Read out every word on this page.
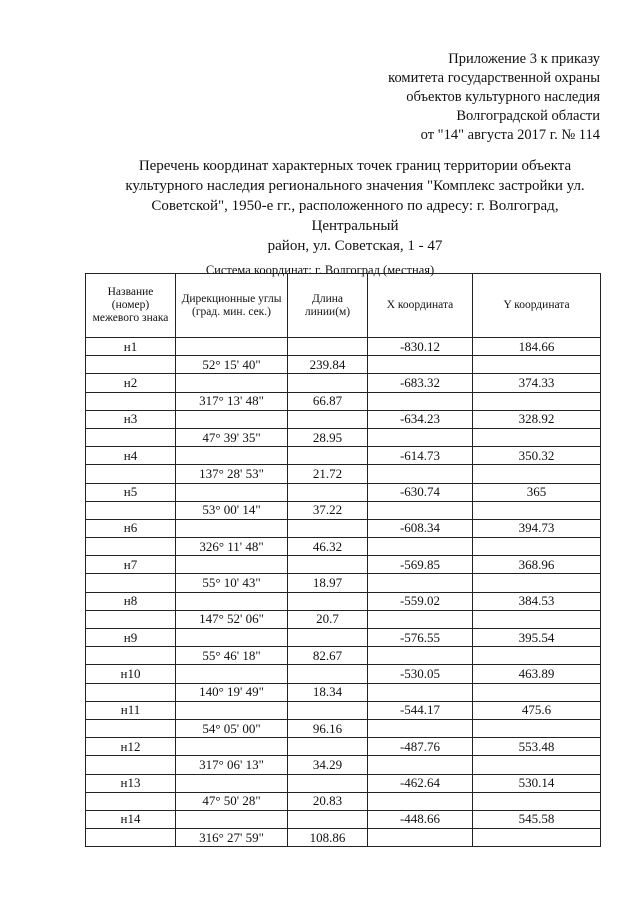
Приложение 3 к приказу
комитета государственной охраны
объектов культурного наследия
Волгоградской области
от "14" августа 2017 г. № 114
Перечень координат характерных точек границ территории объекта
культурного наследия регионального значения "Комплекс застройки ул.
Советской", 1950-е гг., расположенного по адресу: г. Волгоград, Центральный
район, ул. Советская, 1 - 47
Система координат: г. Волгоград (местная)
Название (номер) межевого знака	Дирекционные углы (град. мин. сек.)	Длина линии(м)	X координата	Y координата
н1			-830.12	184.66
	52° 15' 40"	239.84		
н2			-683.32	374.33
	317° 13' 48"	66.87		
н3			-634.23	328.92
	47° 39' 35"	28.95		
н4			-614.73	350.32
	137° 28' 53"	21.72		
н5			-630.74	365
	53° 00' 14"	37.22		
н6			-608.34	394.73
	326° 11' 48"	46.32		
н7			-569.85	368.96
	55° 10' 43"	18.97		
н8			-559.02	384.53
	147° 52' 06"	20.7		
н9			-576.55	395.54
	55° 46' 18"	82.67		
н10			-530.05	463.89
	140° 19' 49"	18.34		
н11			-544.17	475.6
	54° 05' 00"	96.16		
н12			-487.76	553.48
	317° 06' 13"	34.29		
н13			-462.64	530.14
	47° 50' 28"	20.83		
н14			-448.66	545.58
	316° 27' 59"	108.86		
